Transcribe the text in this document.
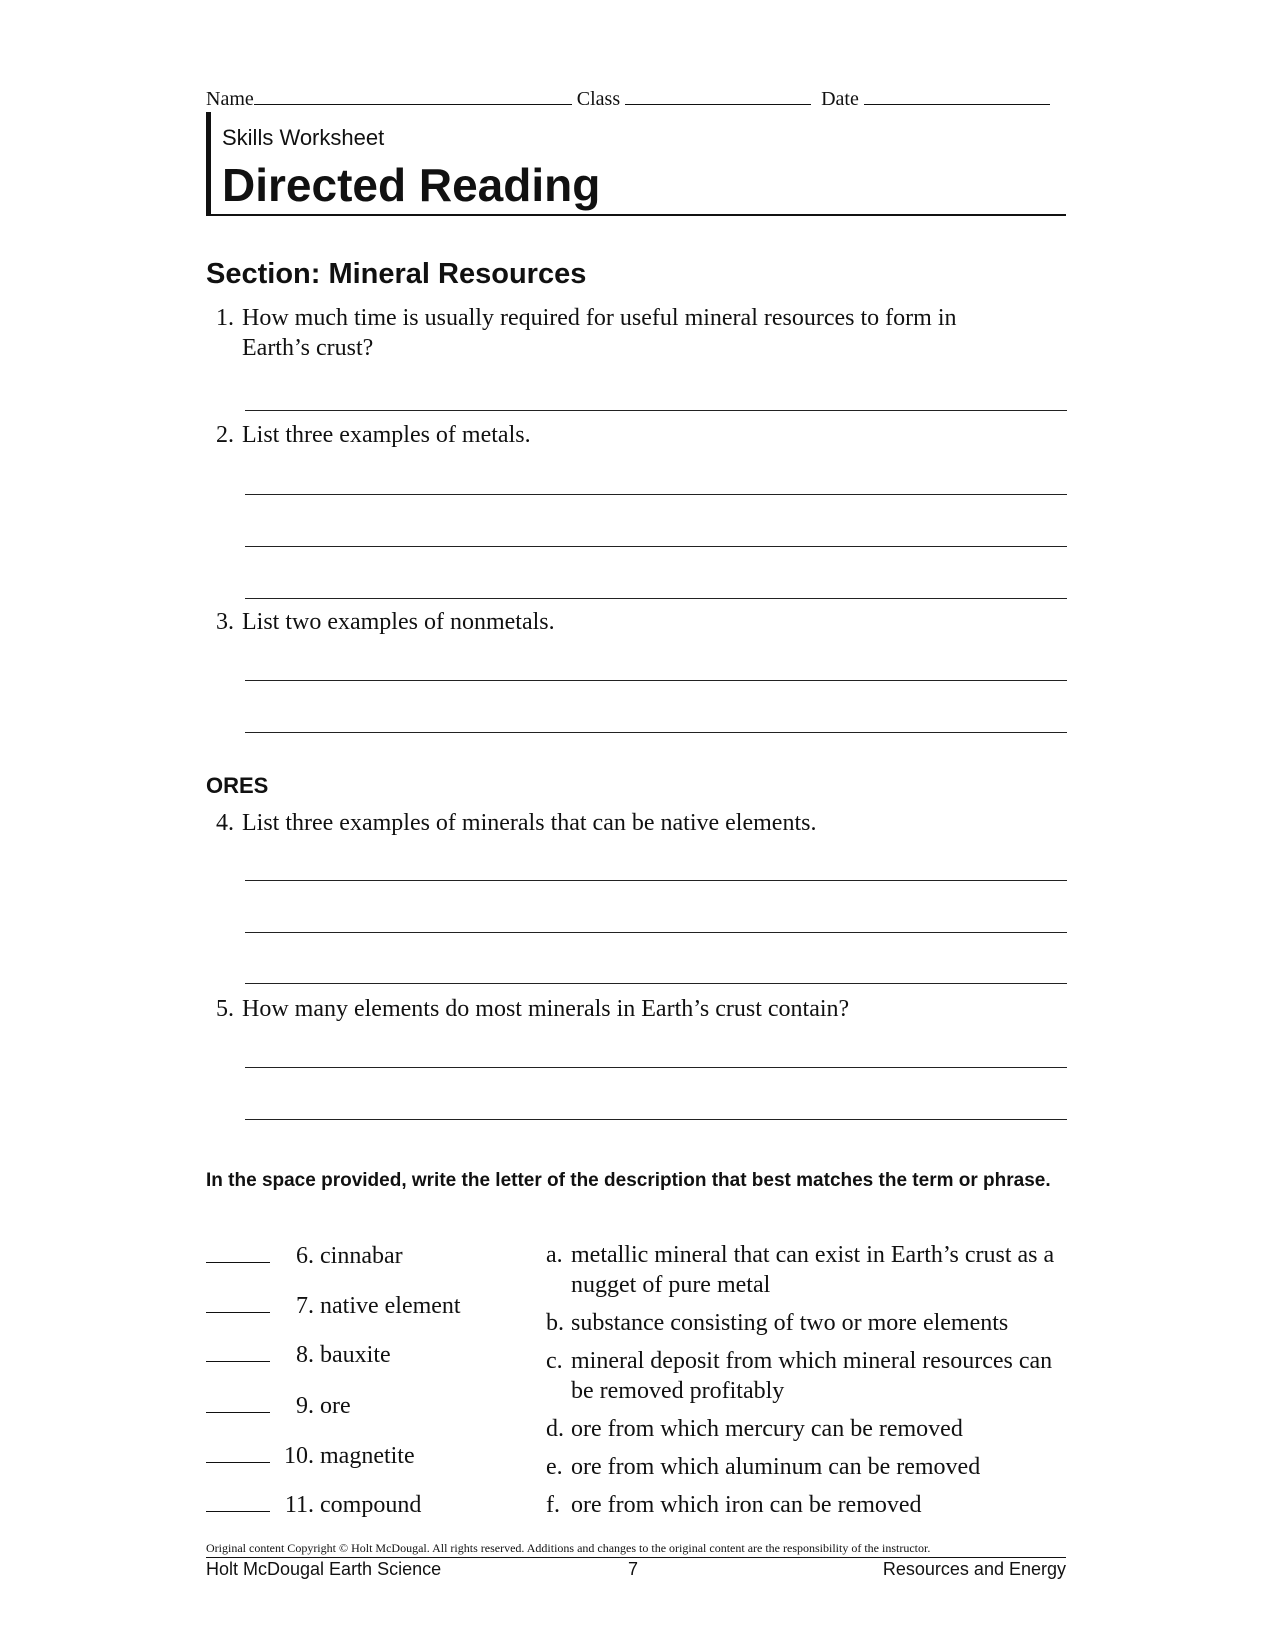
Name	Class	Date
Skills Worksheet
Directed Reading
Section: Mineral Resources
1. How much time is usually required for useful mineral resources to form in Earth’s crust?
2. List three examples of metals.
3. List two examples of nonmetals.
ORES
4. List three examples of minerals that can be native elements.
5. How many elements do most minerals in Earth’s crust contain?
In the space provided, write the letter of the description that best matches the term or phrase.
6. cinnabar
7. native element
8. bauxite
9. ore
10. magnetite
11. compound
a. metallic mineral that can exist in Earth’s crust as a nugget of pure metal
b. substance consisting of two or more elements
c. mineral deposit from which mineral resources can be removed profitably
d. ore from which mercury can be removed
e. ore from which aluminum can be removed
f. ore from which iron can be removed
Original content Copyright © Holt McDougal. All rights reserved. Additions and changes to the original content are the responsibility of the instructor.
Holt McDougal Earth Science	7	Resources and Energy
